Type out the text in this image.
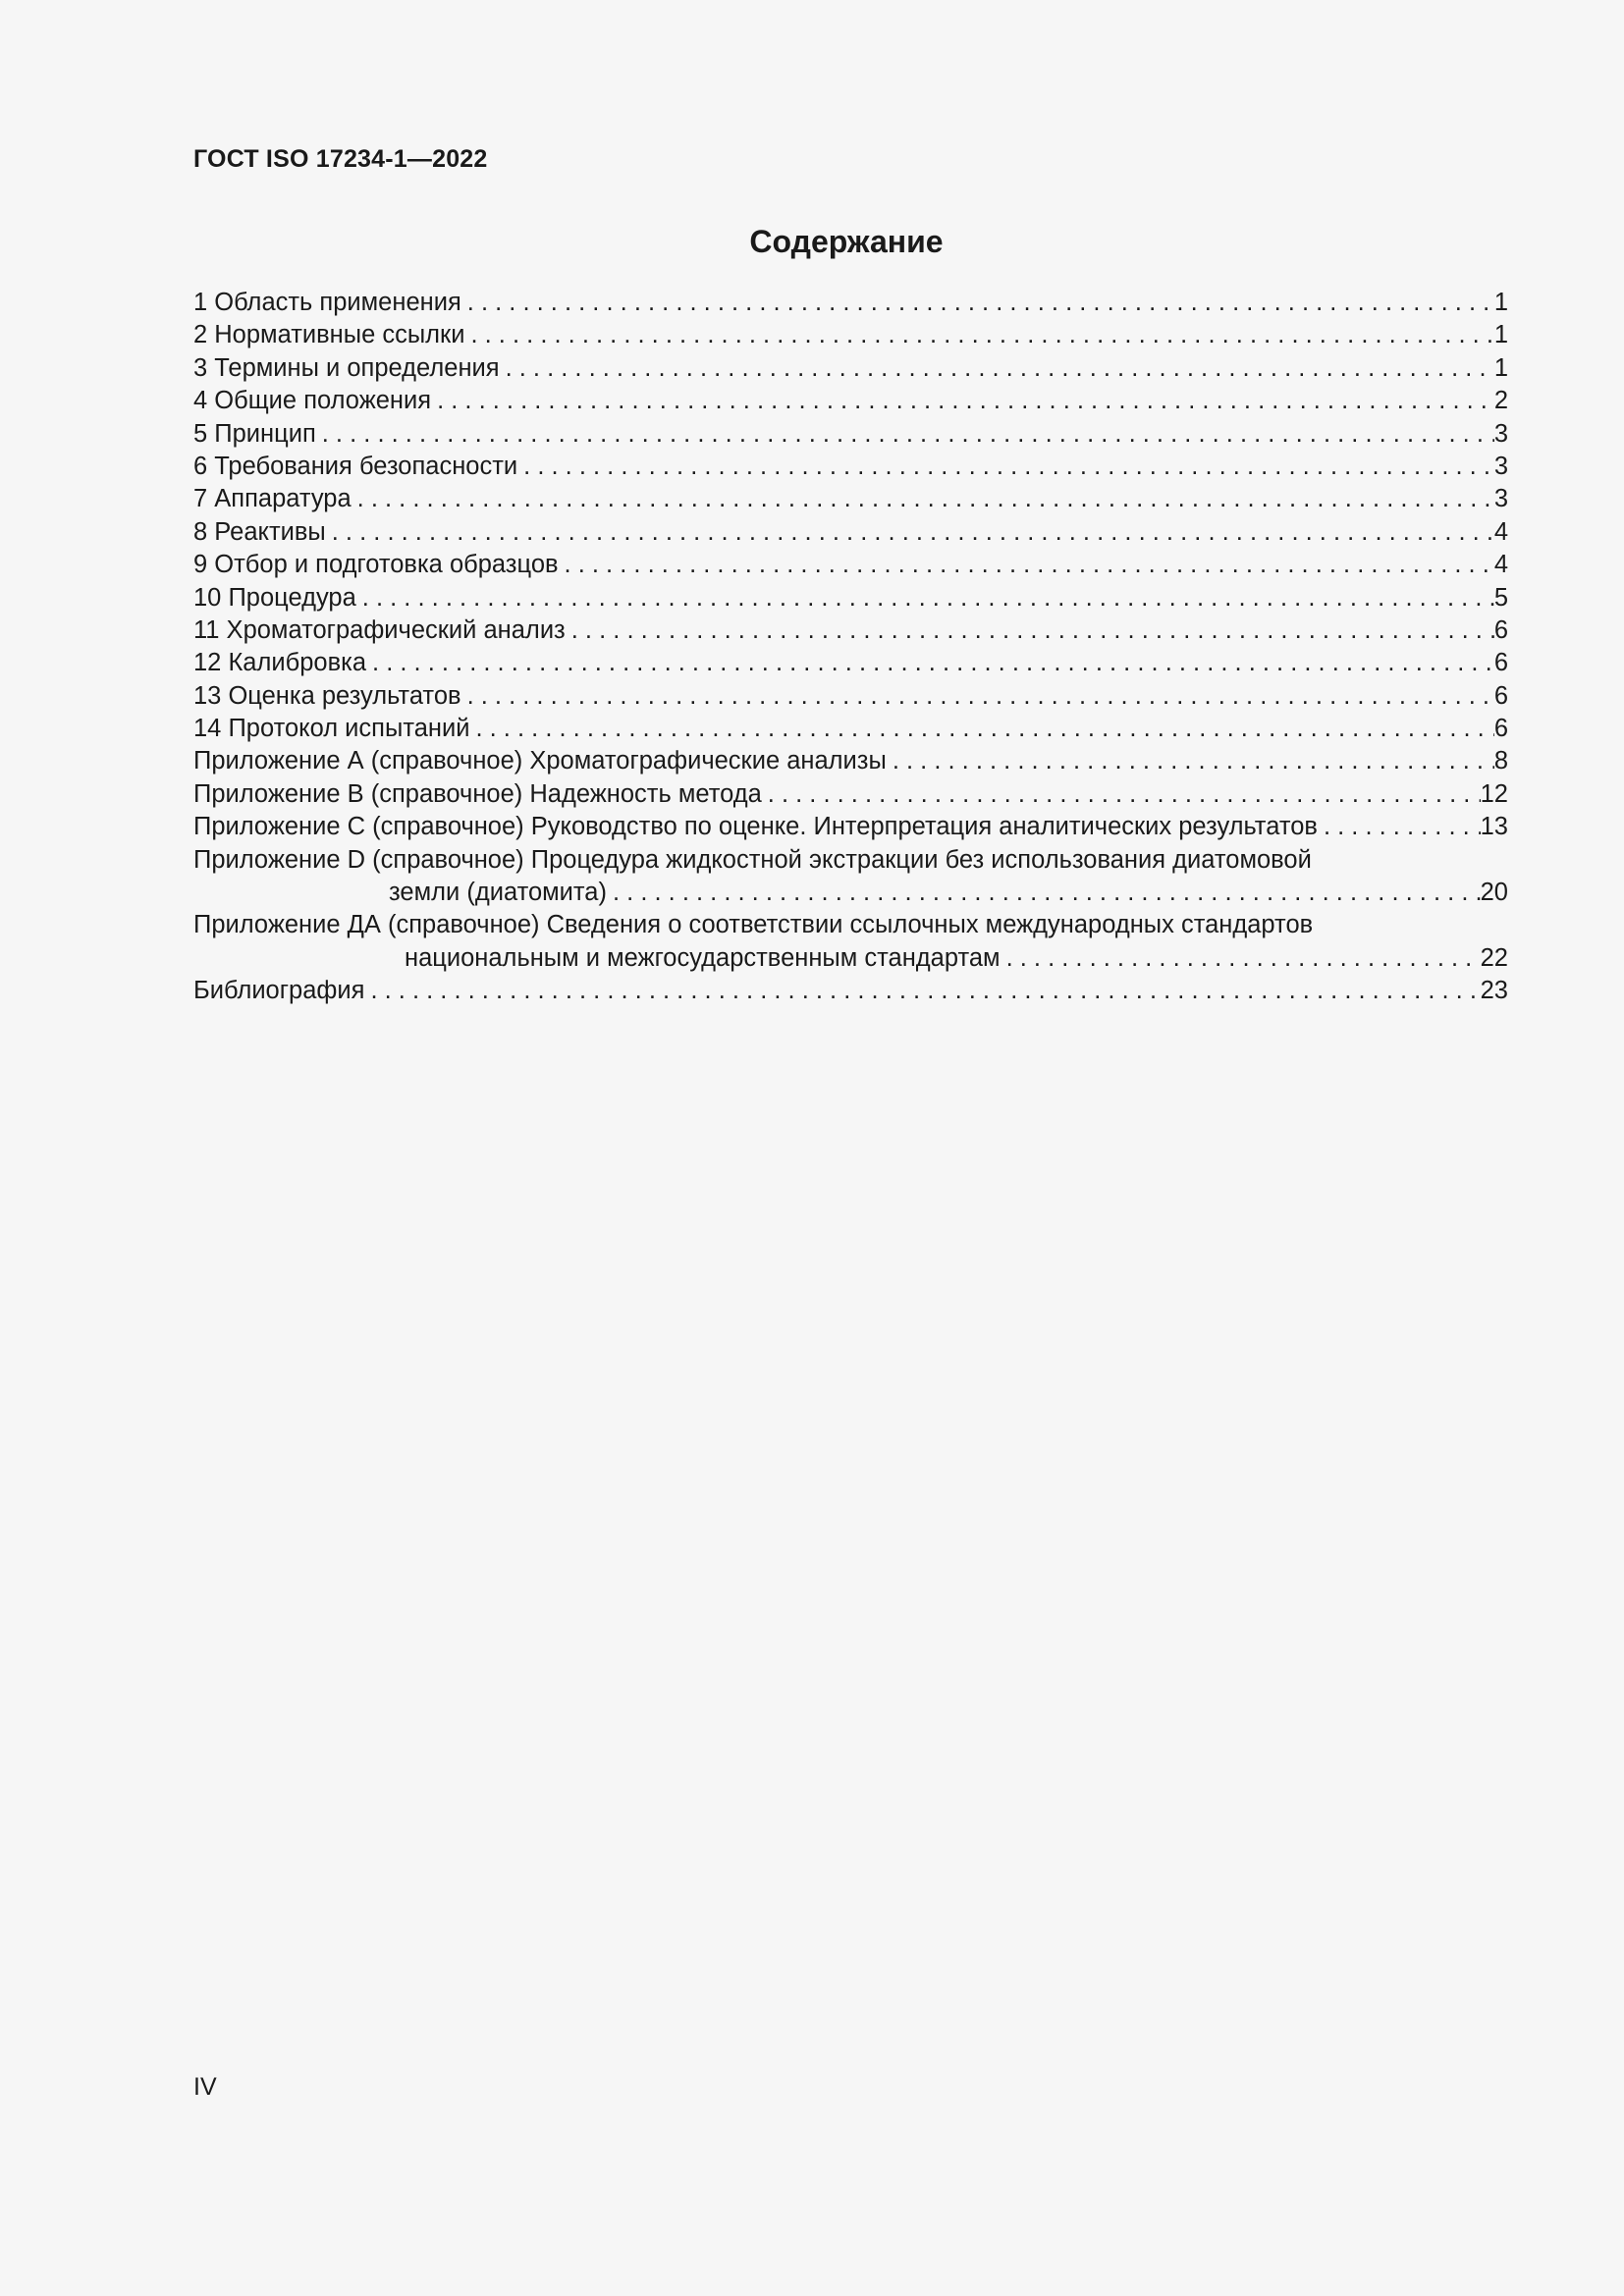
ГОСТ ISO 17234-1—2022
Содержание
1 Область применения . . .	1
2 Нормативные ссылки . . .	1
3 Термины и определения . . .	1
4 Общие положения . . .	2
5 Принцип . . .	3
6 Требования безопасности . . .	3
7 Аппаратура . . .	3
8 Реактивы . . .	4
9 Отбор и подготовка образцов . . .	4
10 Процедура . . .	5
11 Хроматографический анализ . . .	6
12 Калибровка . . .	6
13 Оценка результатов . . .	6
14 Протокол испытаний . . .	6
Приложение А (справочное) Хроматографические анализы . . .	8
Приложение В (справочное) Надежность метода . . .	12
Приложение С (справочное) Руководство по оценке. Интерпретация аналитических результатов . . .	13
Приложение D (справочное) Процедура жидкостной экстракции без использования диатомовой
земли (диатомита) . . .	20
Приложение ДА (справочное) Сведения о соответствии ссылочных международных стандартов
национальным и межгосударственным стандартам . . .	22
Библиография . . .	23
IV
